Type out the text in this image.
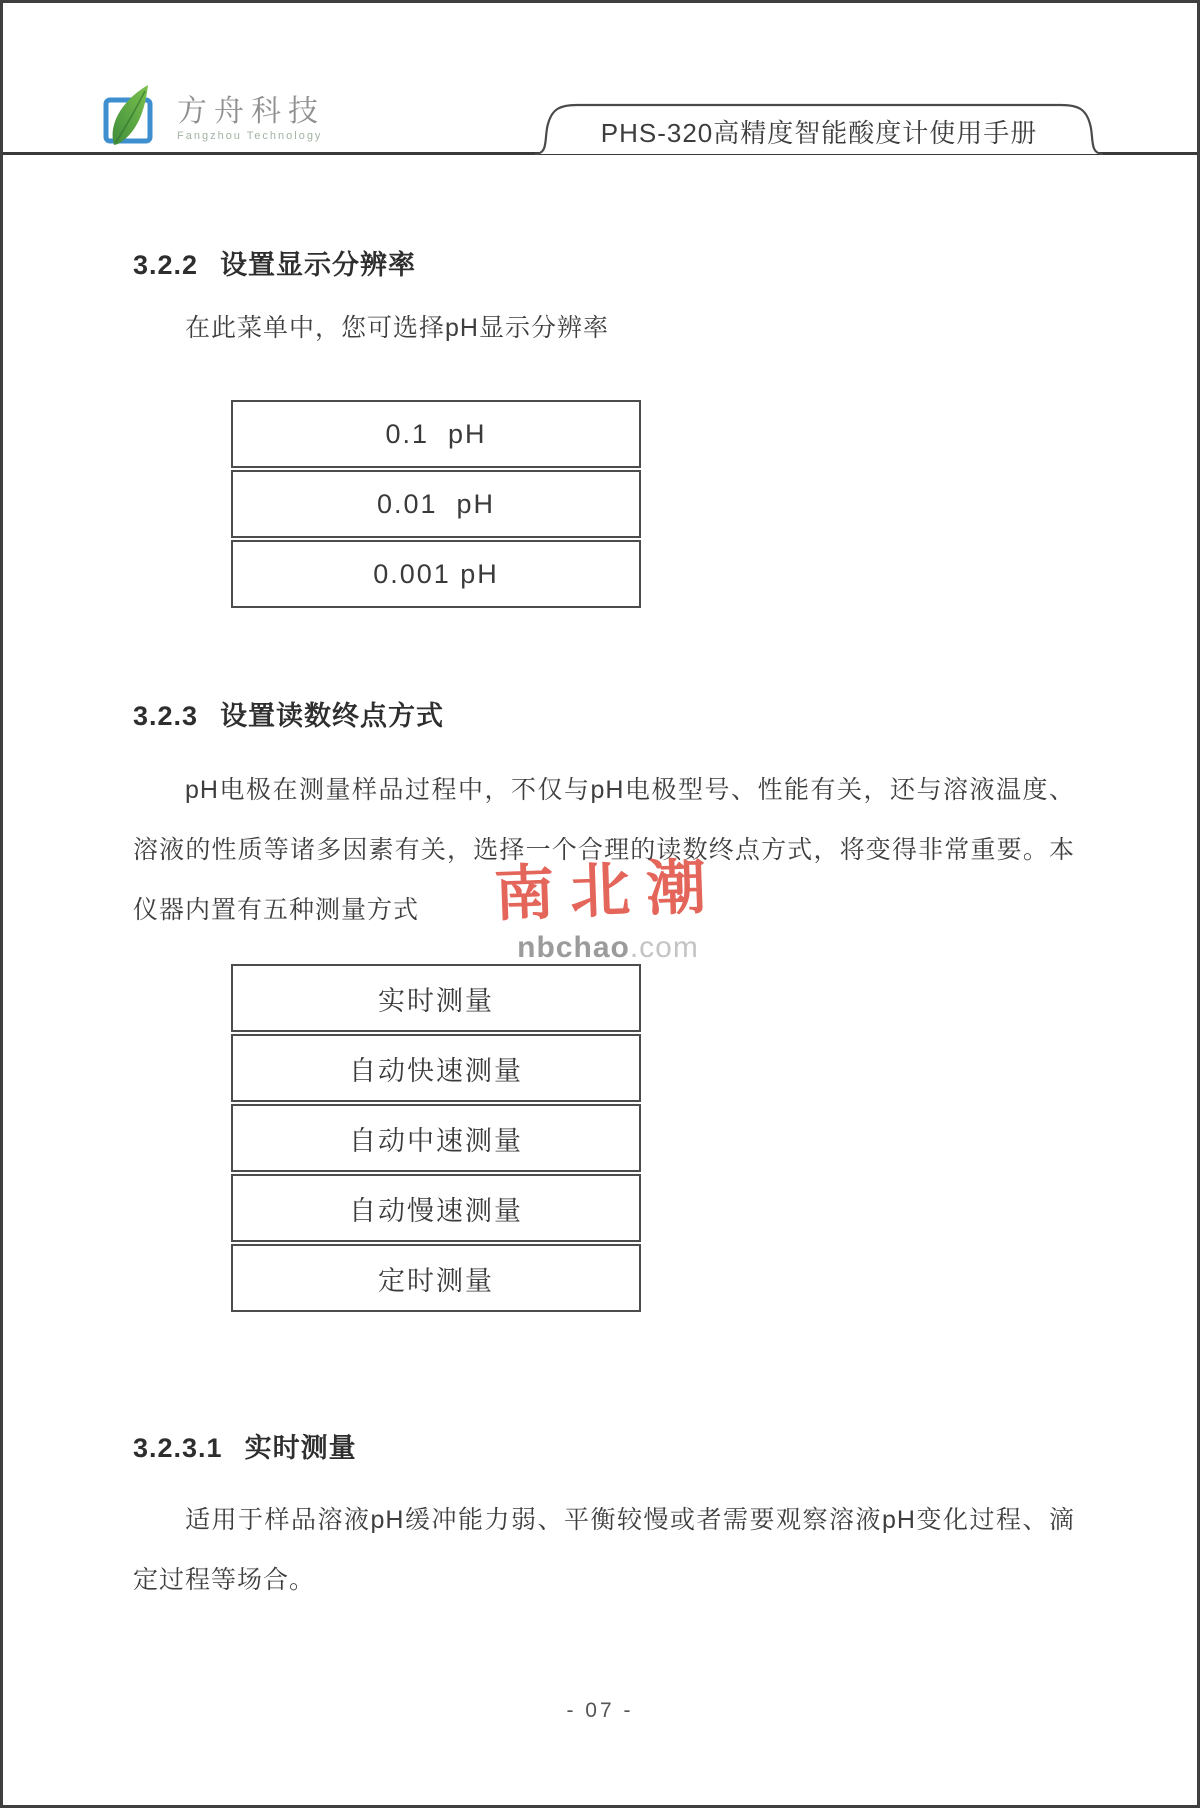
方舟科技
Fangzhou Technology	PHS-320高精度智能酸度计使用手册
3.2.2 设置显示分辨率
在此菜单中，您可选择pH显示分辨率
0.1  pH
0.01  pH
0.001 pH
3.2.3 设置读数终点方式
pH电极在测量样品过程中，不仅与pH电极型号、性能有关，还与溶液温度、溶液的性质等诸多因素有关，选择一个合理的读数终点方式，将变得非常重要。本仪器内置有五种测量方式
实时测量
自动快速测量
自动中速测量
自动慢速测量
定时测量
3.2.3.1 实时测量
适用于样品溶液pH缓冲能力弱、平衡较慢或者需要观察溶液pH变化过程、滴定过程等场合。
南北潮
nbchao.com
- 07 -
